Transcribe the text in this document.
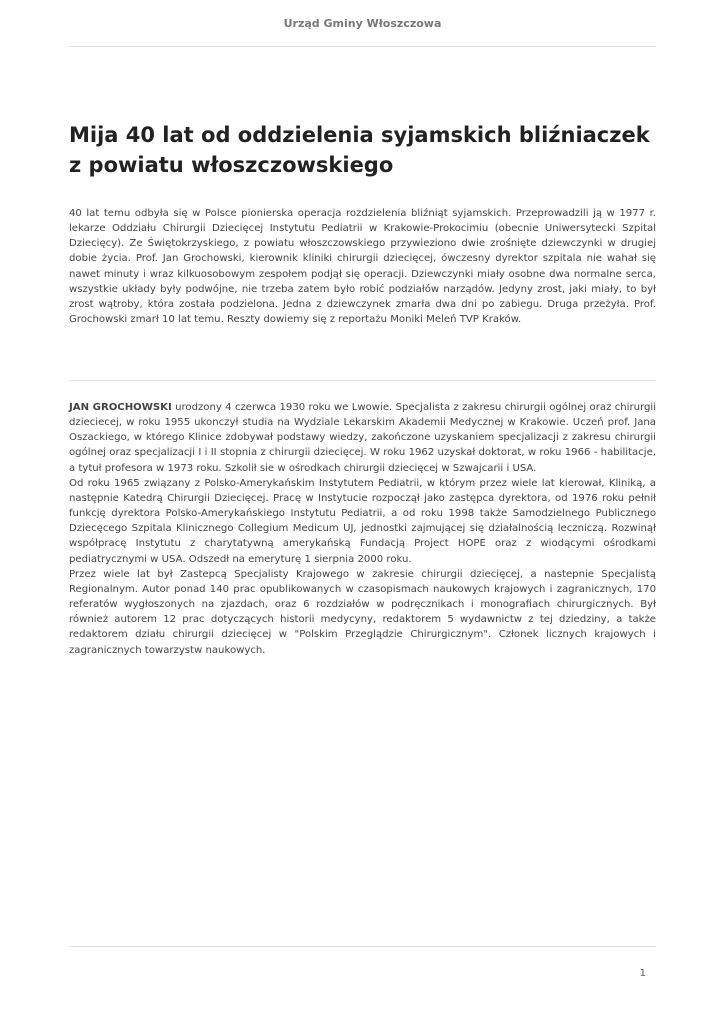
Urząd Gminy Włoszczowa
Mija 40 lat od oddzielenia syjamskich bliźniaczek z powiatu włoszczowskiego

40 lat temu odbyła się w Polsce pionierska operacja rozdzielenia bliźniąt syjamskich. Przeprowadzili ją w 1977 r. lekarze Oddziału Chirurgii Dziecięcej Instytutu Pediatrii w Krakowie-Prokocimiu (obecnie Uniwersytecki Szpital Dziecięcy). Ze Świętokrzyskiego, z powiatu włoszczowskiego przywieziono dwie zrośnięte dziewczynki w drugiej dobie życia. Prof. Jan Grochowski, kierownik kliniki chirurgii dziecięcej, ówczesny dyrektor szpitala nie wahał się nawet minuty i wraz kilkuosobowym zespołem podjął się operacji. Dziewczynki miały osobne dwa normalne serca, wszystkie układy były podwójne, nie trzeba zatem było robić podziałów narządów. Jedyny zrost, jaki miały, to był zrost wątroby, która została podzielona. Jedna z dziewczynek zmarła dwa dni po zabiegu. Druga przeżyła. Prof. Grochowski zmarł 10 lat temu. Reszty dowiemy się z reportażu Moniki Meleń TVP Kraków.

JAN GROCHOWSKI urodzony 4 czerwca 1930 roku we Lwowie. Specjalista z zakresu chirurgii ogólnej oraz chirurgii dzieciecej, w roku 1955 ukonczył studia na Wydziale Lekarskim Akademii Medycznej w Krakowie. Uczeń prof. Jana Oszackiego, w którego Klinice zdobywał podstawy wiedzy, zakończone uzyskaniem specjalizacji z zakresu chirurgii ogólnej oraz specjalizacji I i II stopnia z chirurgii dziecięcej. W roku 1962 uzyskał doktorat, w roku 1966 - habilitacje, a tytuł profesora w 1973 roku. Szkolił sie w ośrodkach chirurgii dziecięcej w Szwajcarii i USA.

Od roku 1965 związany z Polsko-Amerykańskim Instytutem Pediatrii, w którym przez wiele lat kierował, Kliniką, a następnie Katedrą Chirurgii Dziecięcej. Pracę w Instytucie rozpoczął jako zastępca dyrektora, od 1976 roku pełnił funkcję dyrektora Polsko-Amerykańskiego Instytutu Pediatrii, a od roku 1998 także Samodzielnego Publicznego Dziecęcego Szpitala Klinicznego Collegium Medicum UJ, jednostki zajmującej się działalnością leczniczą. Rozwinął współpracę Instytutu z charytatywną amerykańską Fundacją Project HOPE oraz z wiodącymi ośrodkami pediatrycznymi w USA. Odszedł na emeryturę 1 sierpnia 2000 roku.

Przez wiele lat był Zastepcą Specjalisty Krajowego w zakresie chirurgii dziecięcej, a nastepnie Specjalistą Regionalnym. Autor ponad 140 prac opublikowanych w czasopismach naukowych krajowych i zagranicznych, 170 referatów wygłoszonych na zjazdach, oraz 6 rozdziałów w podręcznikach i monografiach chirurgicznych. Był również autorem 12 prac dotyczących historii medycyny, redaktorem 5 wydawnictw z tej dziedziny, a także redaktorem działu chirurgii dziecięcej w "Polskim Przeglądzie Chirurgicznym". Członek licznych krajowych i zagranicznych towarzystw naukowych.

1
